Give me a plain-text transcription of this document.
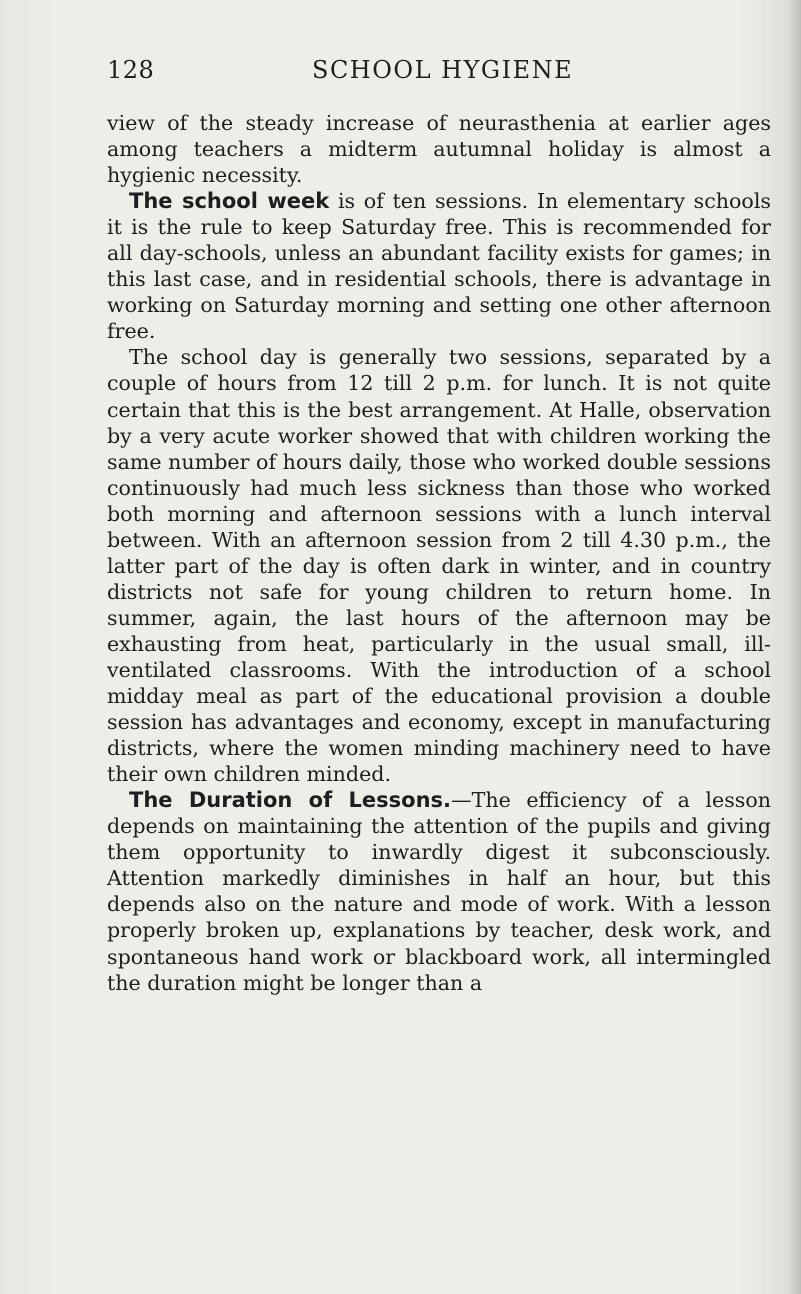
128	SCHOOL HYGIENE

view of the steady increase of neurasthenia at earlier ages among teachers a midterm autumnal holiday is almost a hygienic necessity.

The school week is of ten sessions. In elementary schools it is the rule to keep Saturday free. This is recommended for all day-schools, unless an abundant facility exists for games; in this last case, and in residential schools, there is advantage in working on Saturday morning and setting one other afternoon free.

The school day is generally two sessions, separated by a couple of hours from 12 till 2 p.m. for lunch. It is not quite certain that this is the best arrangement. At Halle, observation by a very acute worker showed that with children working the same number of hours daily, those who worked double sessions continuously had much less sickness than those who worked both morning and afternoon sessions with a lunch interval between. With an afternoon session from 2 till 4.30 p.m., the latter part of the day is often dark in winter, and in country districts not safe for young children to return home. In summer, again, the last hours of the afternoon may be exhausting from heat, particularly in the usual small, ill-ventilated classrooms. With the introduction of a school midday meal as part of the educational provision a double session has advantages and economy, except in manufacturing districts, where the women minding machinery need to have their own children minded.

The Duration of Lessons.—The efficiency of a lesson depends on maintaining the attention of the pupils and giving them opportunity to inwardly digest it subconsciously. Attention markedly diminishes in half an hour, but this depends also on the nature and mode of work. With a lesson properly broken up, explanations by teacher, desk work, and spontaneous hand work or blackboard work, all intermingled the duration might be longer than a
